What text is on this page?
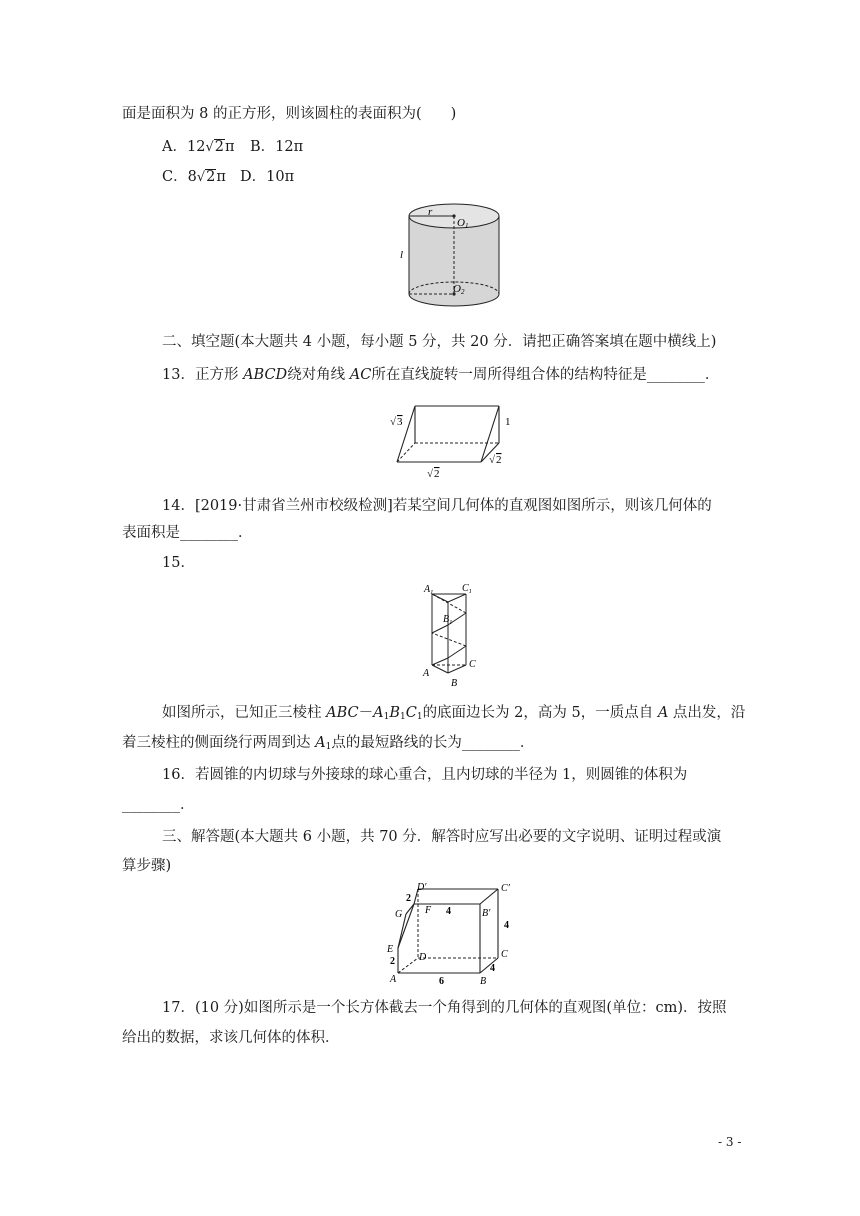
面是面积为 8 的正方形，则该圆柱的表面积为(　　)
A．12√2π B．12π
C．8√2π D．10π
r
O1
l
O2
二、填空题(本大题共 4 小题，每小题 5 分，共 20 分．请把正确答案填在题中横线上)
13．正方形 ABCD绕对角线 AC所在直线旋转一周所得组合体的结构特征是________．
√ 3	1
√ 2
√ 2
14．[2019·甘肃省兰州市校级检测]若某空间几何体的直观图如图所示，则该几何体的
表面积是________．
15．
$A_1$	$C_1$
$B_1$
A
B
C
如图所示，已知正三棱柱 $ABC-A_1B_1C_1$的底面边长为 2，高为 5，一质点自 A 点出发，沿
着三棱柱的侧面绕行两周到达 $A_1$点的最短路线的长为________．
16．若圆锥的内切球与外接球的球心重合，且内切球的半径为 1，则圆锥的体积为
________．
三、解答题(本大题共 6 小题，共 70 分．解答时应写出必要的文字说明、证明过程或演
算步骤)
2
D′	C′
G F 4	B′
4
E	C
2 D
4
A	6	B
17．(10 分)如图所示是一个长方体截去一个角得到的几何体的直观图(单位：cm)．按照
给出的数据，求该几何体的体积．
- 3 -
